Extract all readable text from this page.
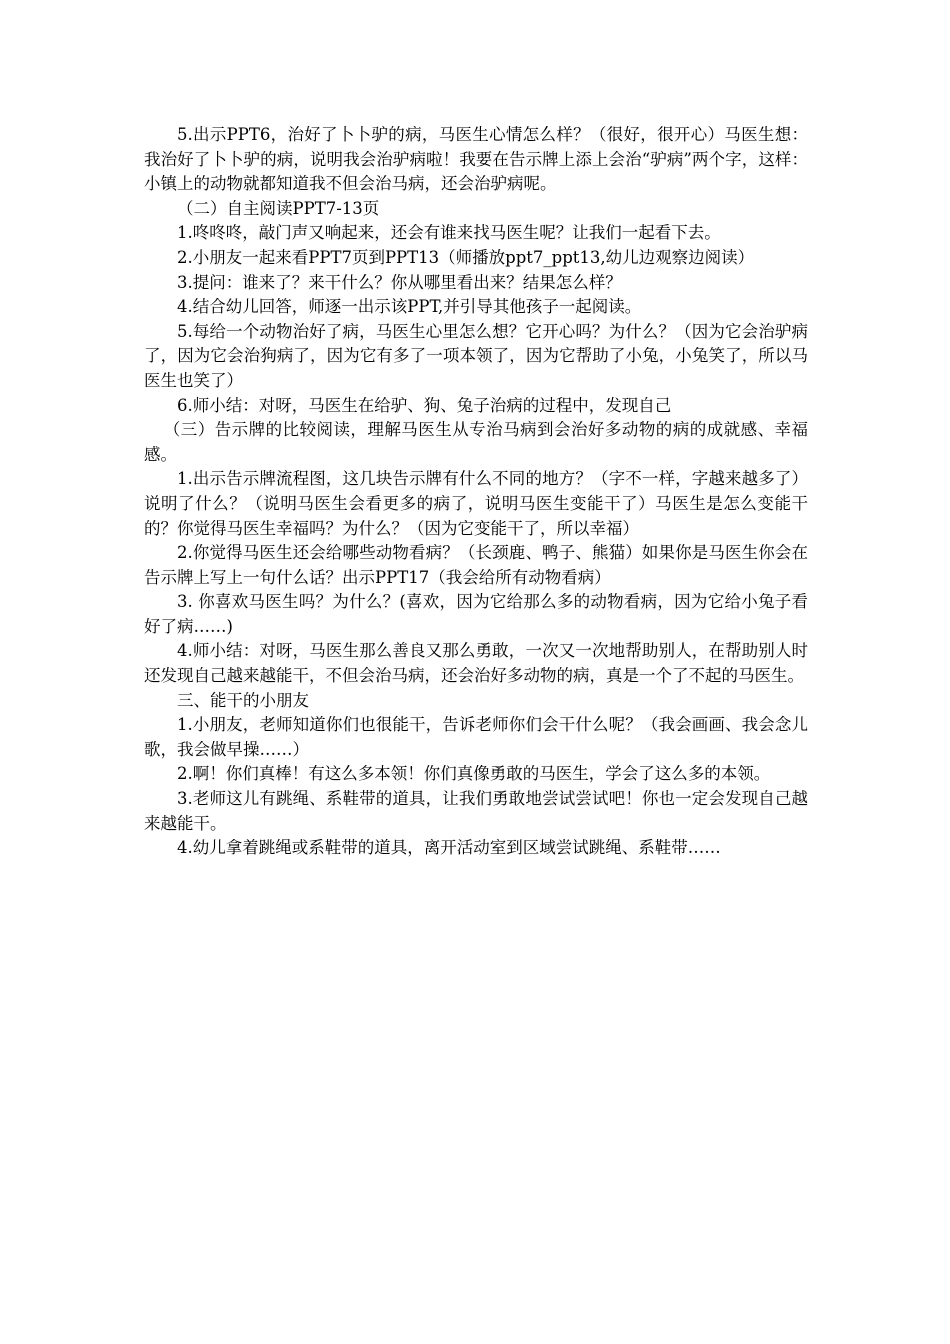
5.出示PPT6，治好了卜卜驴的病，马医生心情怎么样？（很好，很开心）马医生想：我治好了卜卜驴的病，说明我会治驴病啦！我要在告示牌上添上会治“驴病”两个字，这样：小镇上的动物就都知道我不但会治马病，还会治驴病呢。

（二）自主阅读PPT7-13页

1.咚咚咚，敲门声又响起来，还会有谁来找马医生呢？让我们一起看下去。

2.小朋友一起来看PPT7页到PPT13（师播放ppt7_ppt13,幼儿边观察边阅读）

3.提问：谁来了？来干什么？你从哪里看出来？结果怎么样？

4.结合幼儿回答，师逐一出示该PPT,并引导其他孩子一起阅读。

5.每给一个动物治好了病，马医生心里怎么想？它开心吗？为什么？（因为它会治驴病了，因为它会治狗病了，因为它有多了一项本领了，因为它帮助了小兔，小兔笑了，所以马医生也笑了）

6.师小结：对呀，马医生在给驴、狗、兔子治病的过程中，发现自己

（三）告示牌的比较阅读，理解马医生从专治马病到会治好多动物的病的成就感、幸福感。

1.出示告示牌流程图，这几块告示牌有什么不同的地方？（字不一样，字越来越多了）说明了什么？（说明马医生会看更多的病了，说明马医生变能干了）马医生是怎么变能干的？你觉得马医生幸福吗？为什么？（因为它变能干了，所以幸福）

2.你觉得马医生还会给哪些动物看病？（长颈鹿、鸭子、熊猫）如果你是马医生你会在告示牌上写上一句什么话？出示PPT17（我会给所有动物看病）

3. 你喜欢马医生吗？为什么？(喜欢，因为它给那么多的动物看病，因为它给小兔子看好了病……)

4.师小结：对呀，马医生那么善良又那么勇敢，一次又一次地帮助别人，在帮助别人时还发现自己越来越能干，不但会治马病，还会治好多动物的病，真是一个了不起的马医生。

三、能干的小朋友

1.小朋友，老师知道你们也很能干，告诉老师你们会干什么呢？（我会画画、我会念儿歌，我会做早操……）

2.啊！你们真棒！有这么多本领！你们真像勇敢的马医生，学会了这么多的本领。

3.老师这儿有跳绳、系鞋带的道具，让我们勇敢地尝试尝试吧！你也一定会发现自己越来越能干。

4.幼儿拿着跳绳或系鞋带的道具，离开活动室到区域尝试跳绳、系鞋带……
